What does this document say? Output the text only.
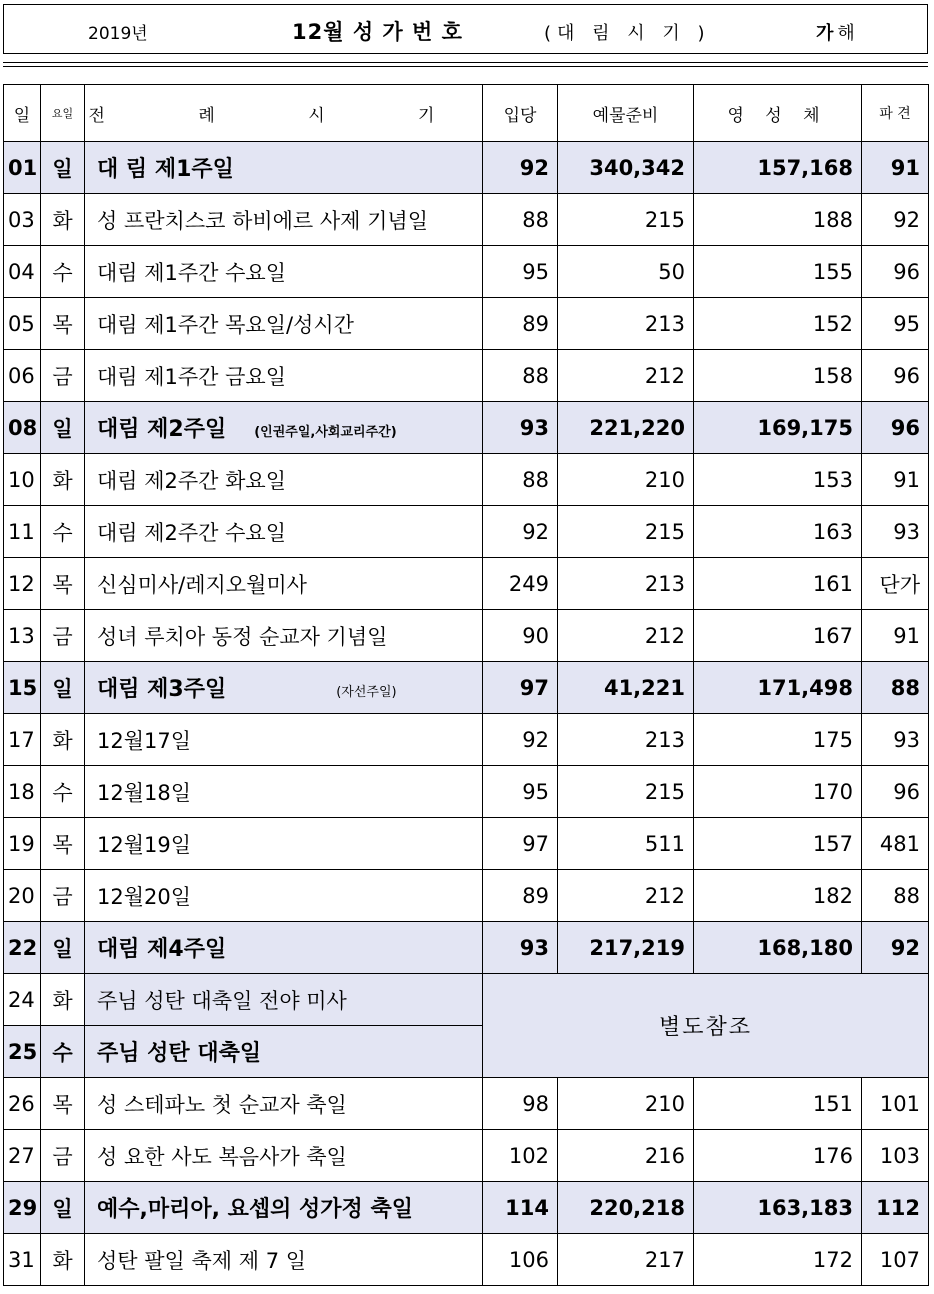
2019년	12월 성 가 번 호	(대 림 시 기 )	가 해
일	요일	전 례 시 기	입당	예물준비	영 성 체	파 견
01	일	대 림 제1주일	92	340,342	157,168	91
03	화	성 프란치스코 하비에르 사제 기념일	88	215	188	92
04	수	대림 제1주간 수요일	95	50	155	96
05	목	대림 제1주간 목요일/성시간	89	213	152	95
06	금	대림 제1주간 금요일	88	212	158	96
08	일	대림 제2주일 (인권주일,사회교리주간)	93	221,220	169,175	96
10	화	대림 제2주간 화요일	88	210	153	91
11	수	대림 제2주간 수요일	92	215	163	93
12	목	신심미사/레지오월미사	249	213	161	단가
13	금	성녀 루치아 동정 순교자 기념일	90	212	167	91
15	일	대림 제3주일 (자선주일)	97	41,221	171,498	88
17	화	12월17일	92	213	175	93
18	수	12월18일	95	215	170	96
19	목	12월19일	97	511	157	481
20	금	12월20일	89	212	182	88
22	일	대림 제4주일	93	217,219	168,180	92
24	화	주님 성탄 대축일 전야 미사	별도참조			
25	수	주님 성탄 대축일				
26	목	성 스테파노 첫 순교자 축일	98	210	151	101
27	금	성 요한 사도 복음사가 축일	102	216	176	103
29	일	예수,마리아, 요셉의 성가정 축일	114	220,218	163,183	112
31	화	성탄 팔일 축제 제 7 일	106	217	172	107
